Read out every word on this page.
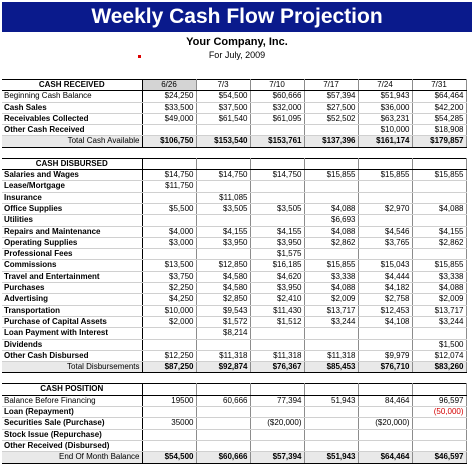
Weekly Cash Flow Projection
Your Company, Inc.
For July, 2009
CASH RECEIVED	6/26	7/3	7/10	7/17	7/24	7/31
Beginning Cash Balance	$24,250	$54,500	$60,666	$57,394	$51,943	$64,464
Cash Sales	$33,500	$37,500	$32,000	$27,500	$36,000	$42,200
Receivables Collected	$49,000	$61,540	$61,095	$52,502	$63,231	$54,285
Other Cash Received					$10,000	$18,908
Total Cash Available	$106,750	$153,540	$153,761	$137,396	$161,174	$179,857

CASH DISBURSED						
Salaries and Wages	$14,750	$14,750	$14,750	$15,855	$15,855	$15,855
Lease/Mortgage	$11,750					
Insurance		$11,085				
Office Supplies	$5,500	$3,505	$3,505	$4,088	$2,970	$4,088
Utilities				$6,693		
Repairs and Maintenance	$4,000	$4,155	$4,155	$4,088	$4,546	$4,155
Operating Supplies	$3,000	$3,950	$3,950	$2,862	$3,765	$2,862
Professional Fees			$1,575			
Commissions	$13,500	$12,850	$16,185	$15,855	$15,043	$15,855
Travel and Entertainment	$3,750	$4,580	$4,620	$3,338	$4,444	$3,338
Purchases	$2,250	$4,580	$3,950	$4,088	$4,182	$4,088
Advertising	$4,250	$2,850	$2,410	$2,009	$2,758	$2,009
Transportation	$10,000	$9,543	$11,430	$13,717	$12,453	$13,717
Purchase of Capital Assets	$2,000	$1,572	$1,512	$3,244	$4,108	$3,244
Loan Payment with Interest		$8,214				
Dividends						$1,500
Other Cash Disbursed	$12,250	$11,318	$11,318	$11,318	$9,979	$12,074
Total Disbursements	$87,250	$92,874	$76,367	$85,453	$76,710	$83,260

CASH POSITION						
Balance Before Financing	19500	60,666	77,394	51,943	84,464	96,597
Loan (Repayment)						(50,000)
Securities Sale (Purchase)	35000		($20,000)		($20,000)	
Stock Issue (Repurchase)						
Other Received (Disbursed)						
End Of Month Balance	$54,500	$60,666	$57,394	$51,943	$64,464	$46,597
